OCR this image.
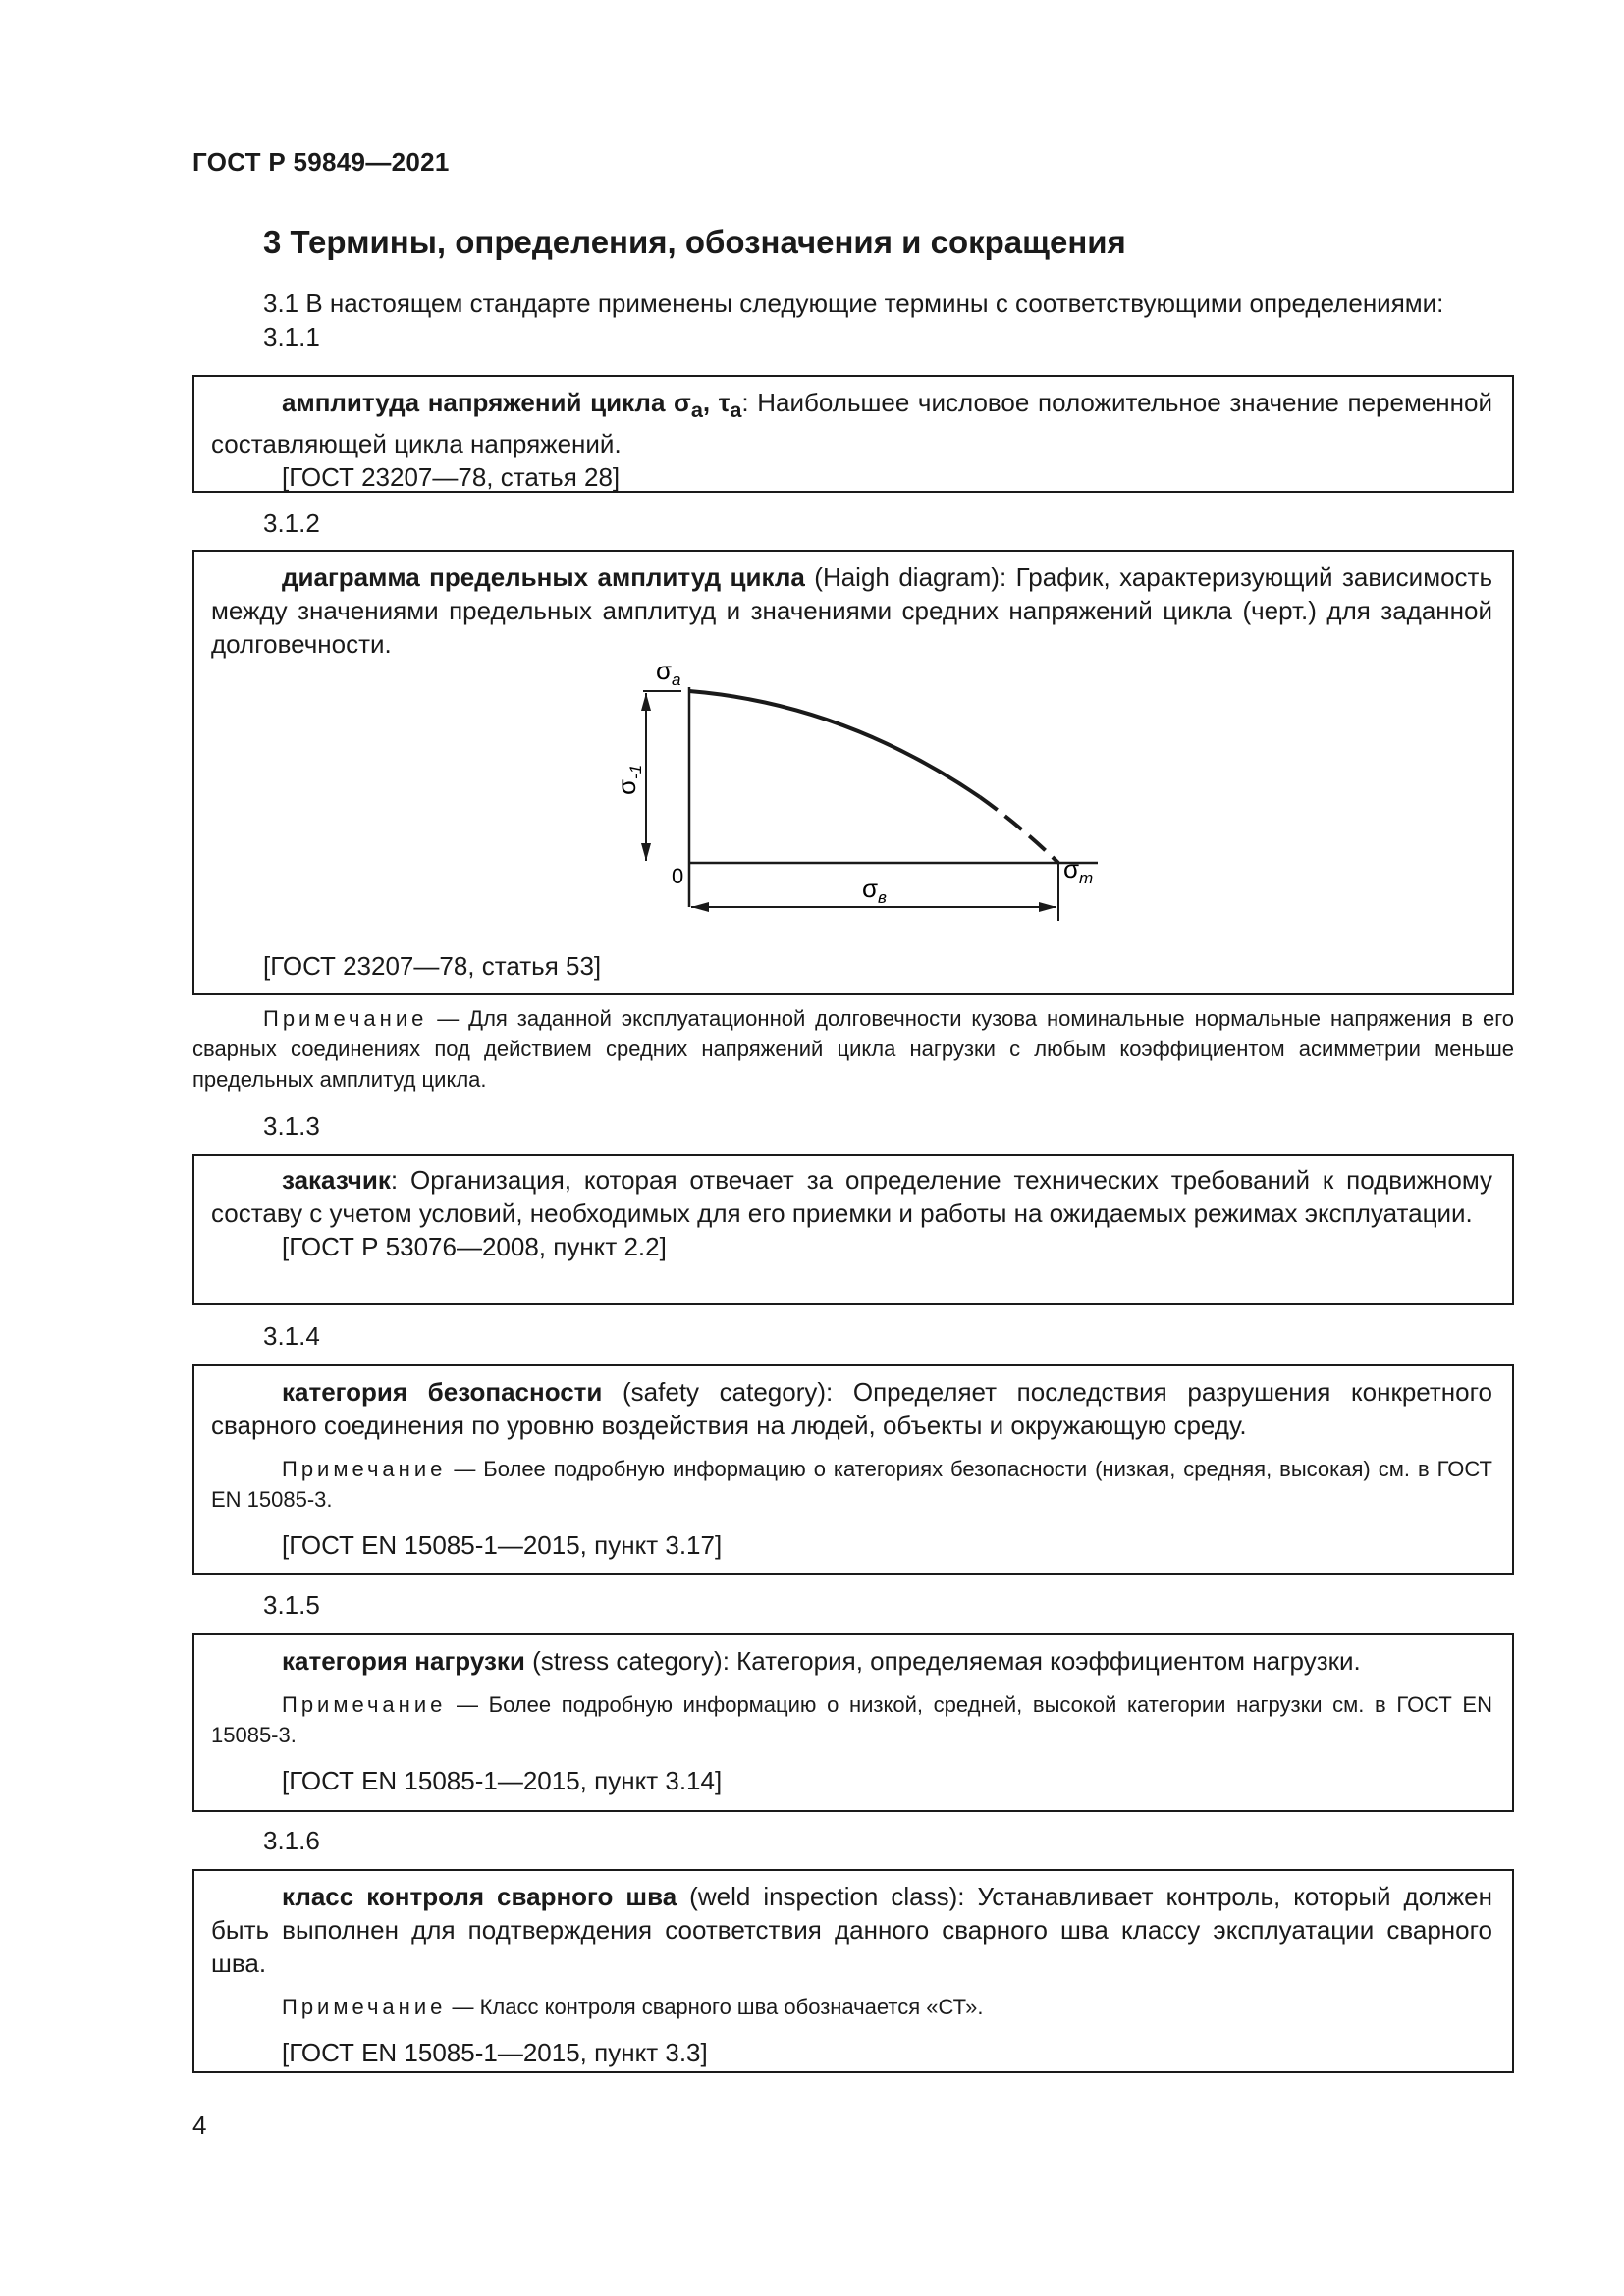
ГОСТ Р 59849—2021
3 Термины, определения, обозначения и сокращения
3.1 В настоящем стандарте применены следующие термины с соответствующими определениями:
3.1.1

амплитуда напряжений цикла $\sigma_a$, $\tau_a$: Наибольшее числовое положительное значение переменной составляющей цикла напряжений.

[ГОСТ 23207—78, статья 28]

3.1.2

диаграмма предельных амплитуд цикла (Haigh diagram): График, характеризующий зависимость между значениями предельных амплитуд и значениями средних напряжений цикла (черт.) для заданной долговечности.

$\sigma_a$
0	$\sigma_m$
$\sigma_в$
$\sigma_{-1}$
[ГОСТ 23207—78, статья 53]

Примечание — Для заданной эксплуатационной долговечности кузова номинальные нормальные напряжения в его сварных соединениях под действием средних напряжений цикла нагрузки с любым коэффициентом асимметрии меньше предельных амплитуд цикла.

3.1.3

заказчик: Организация, которая отвечает за определение технических требований к подвижному составу с учетом условий, необходимых для его приемки и работы на ожидаемых режимах эксплуатации.

[ГОСТ Р 53076—2008, пункт 2.2]

3.1.4

категория безопасности (safety category): Определяет последствия разрушения конкретного сварного соединения по уровню воздействия на людей, объекты и окружающую среду.

Примечание — Более подробную информацию о категориях безопасности (низкая, средняя, высокая) см. в ГОСТ EN 15085-3.

[ГОСТ EN 15085-1—2015, пункт 3.17]

3.1.5

категория нагрузки (stress category): Категория, определяемая коэффициентом нагрузки.

Примечание — Более подробную информацию о низкой, средней, высокой категории нагрузки см. в ГОСТ EN 15085-3.

[ГОСТ EN 15085-1—2015, пункт 3.14]

3.1.6

класс контроля сварного шва (weld inspection class): Устанавливает контроль, который должен быть выполнен для подтверждения соответствия данного сварного шва классу эксплуатации сварного шва.

Примечание — Класс контроля сварного шва обозначается «СТ».

[ГОСТ EN 15085-1—2015, пункт 3.3]

4
